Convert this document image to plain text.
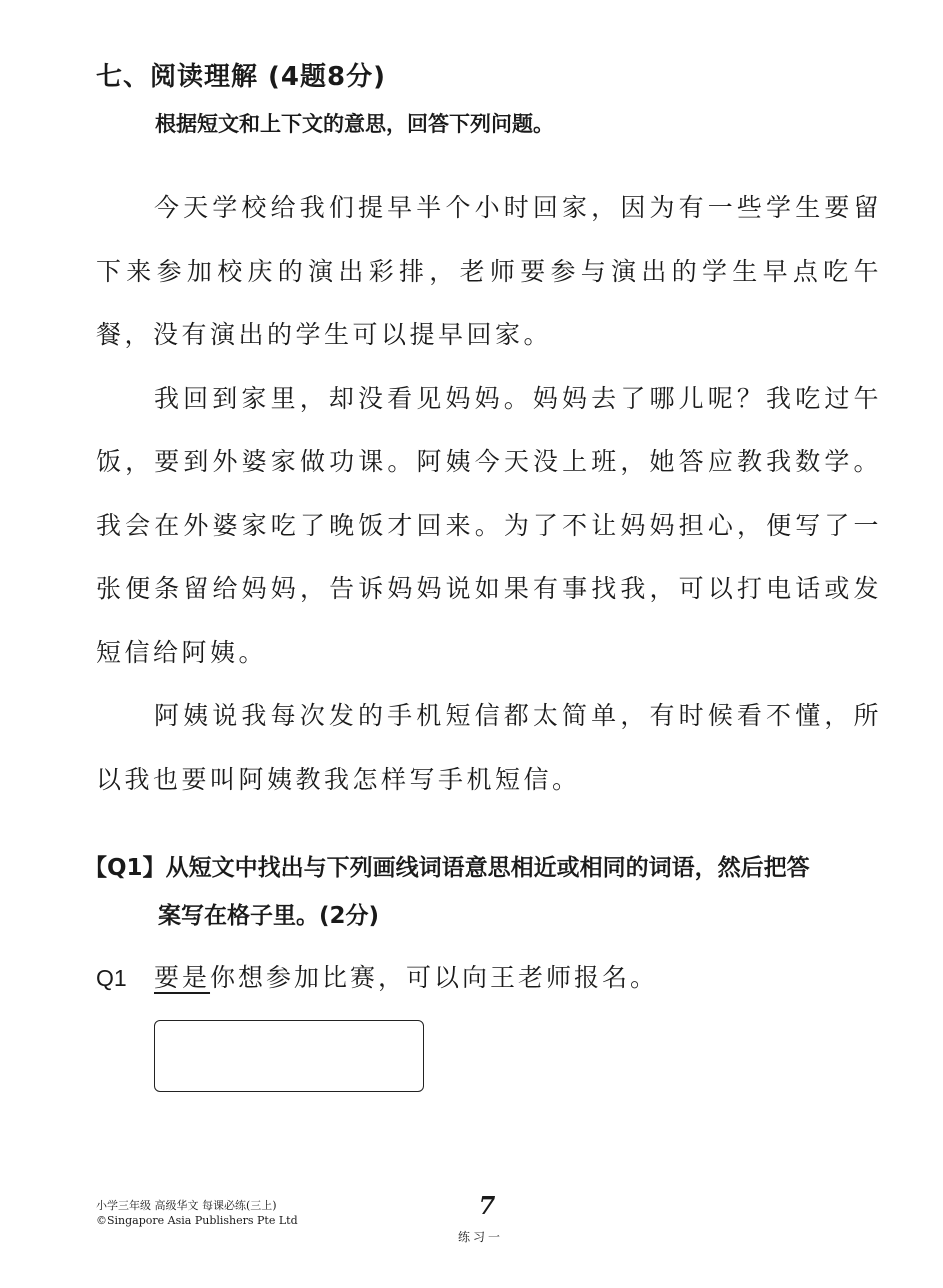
七、阅读理解 (4题8分)

根据短文和上下文的意思，回答下列问题。

今天学校给我们提早半个小时回家，因为有一些学生要留下来参加校庆的演出彩排，老师要参与演出的学生早点吃午餐，没有演出的学生可以提早回家。

我回到家里，却没看见妈妈。妈妈去了哪儿呢？我吃过午饭，要到外婆家做功课。阿姨今天没上班，她答应教我数学。我会在外婆家吃了晚饭才回来。为了不让妈妈担心，便写了一张便条留给妈妈，告诉妈妈说如果有事找我，可以打电话或发短信给阿姨。

阿姨说我每次发的手机短信都太简单，有时候看不懂，所以我也要叫阿姨教我怎样写手机短信。

【Q1】从短文中找出与下列画线词语意思相近或相同的词语，然后把答
案写在格子里。(2分)
Q1 要是你想参加比赛，可以向王老师报名。
小学三年级 高级华文 每课必练(三上)
©Singapore Asia Publishers Pte Ltd
7
练习一
